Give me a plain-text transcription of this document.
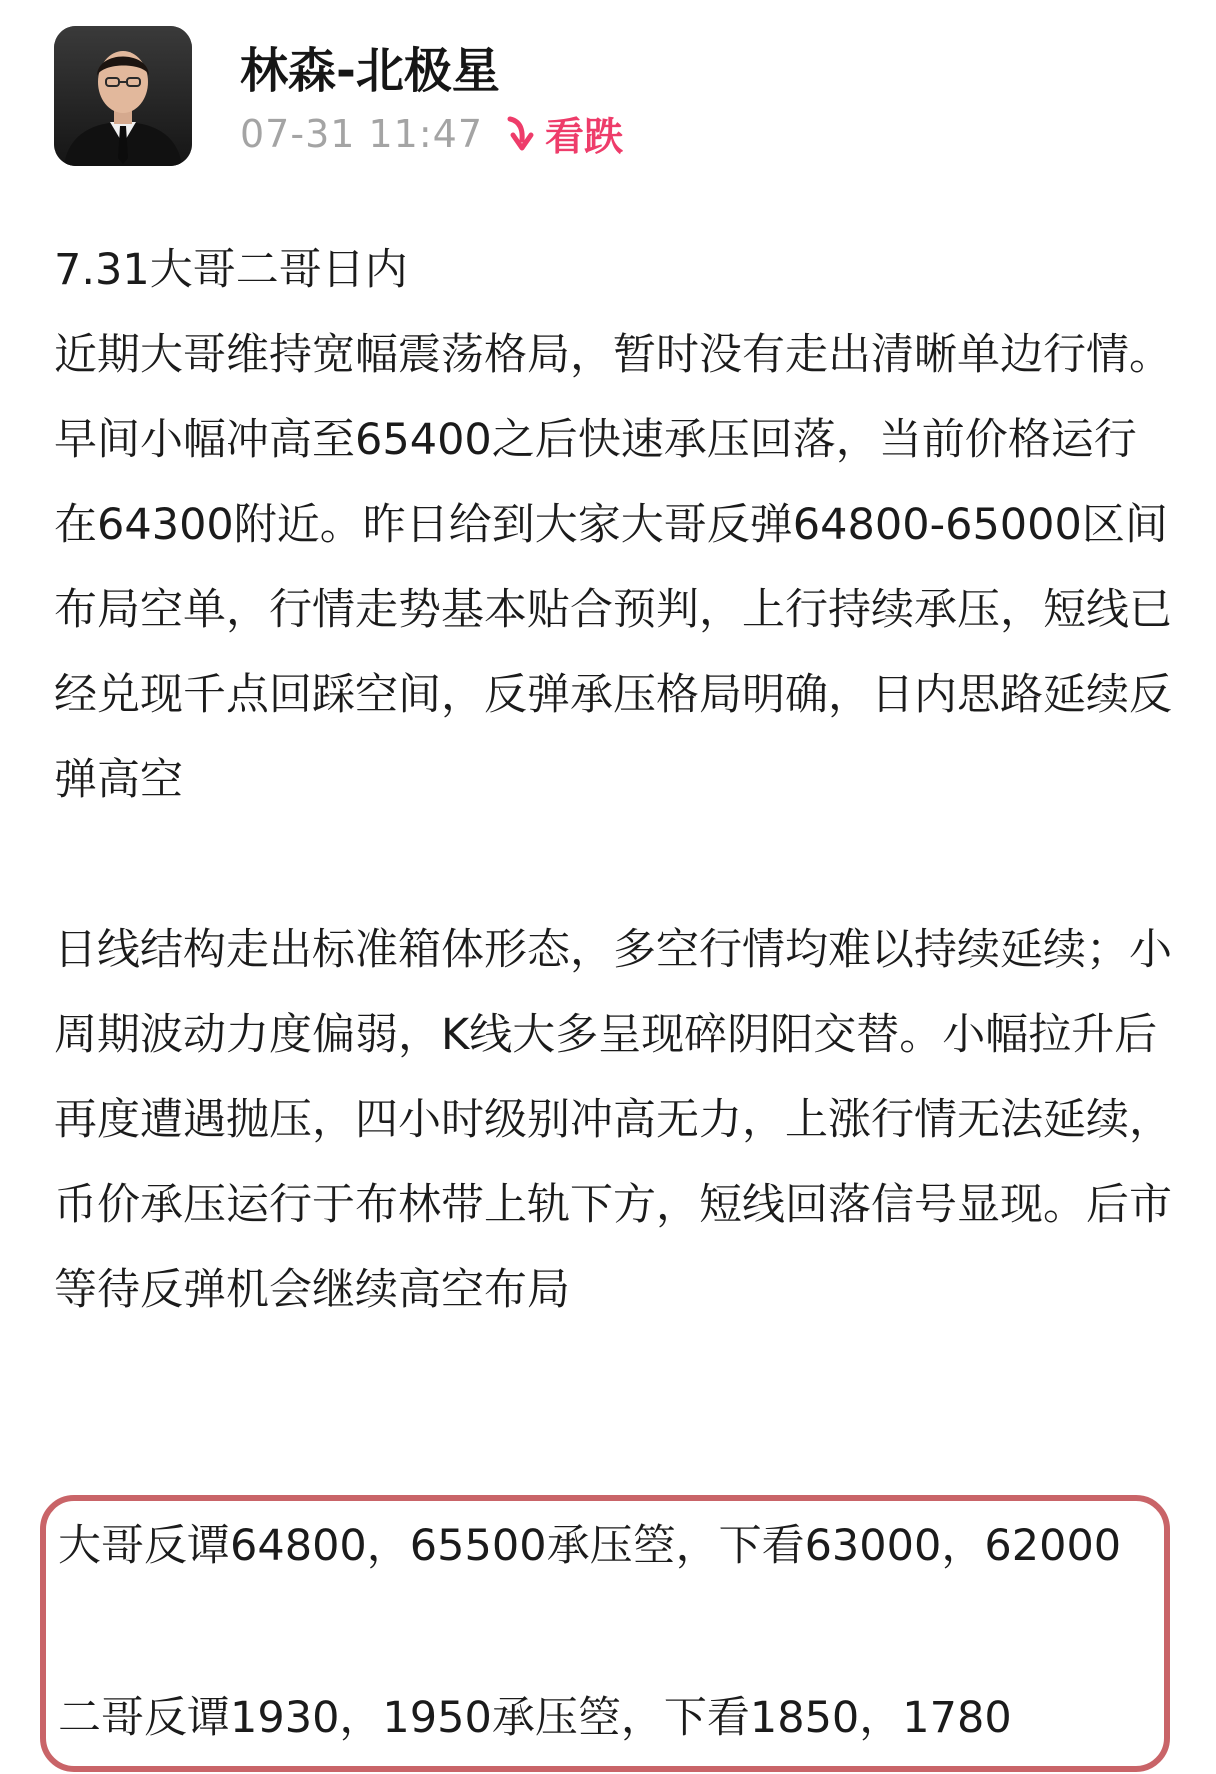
林森-北极星
07-31 11:47 看跌
7.31大哥二哥日内
近期大哥维持宽幅震荡格局，暂时没有走出清晰单边行情。早间小幅冲高至65400之后快速承压回落，当前价格运行在64300附近。昨日给到大家大哥反弹64800-65000区间布局空单，行情走势基本贴合预判，上行持续承压，短线已经兑现千点回踩空间，反弹承压格局明确，日内思路延续反弹高空
日线结构走出标准箱体形态，多空行情均难以持续延续；小周期波动力度偏弱，K线大多呈现碎阴阳交替。小幅拉升后再度遭遇抛压，四小时级别冲高无力，上涨行情无法延续，币价承压运行于布林带上轨下方，短线回落信号显现。后市等待反弹机会继续高空布局
大哥反谭64800，65500承压箜，下看63000，62000
二哥反谭1930，1950承压箜，下看1850，1780
